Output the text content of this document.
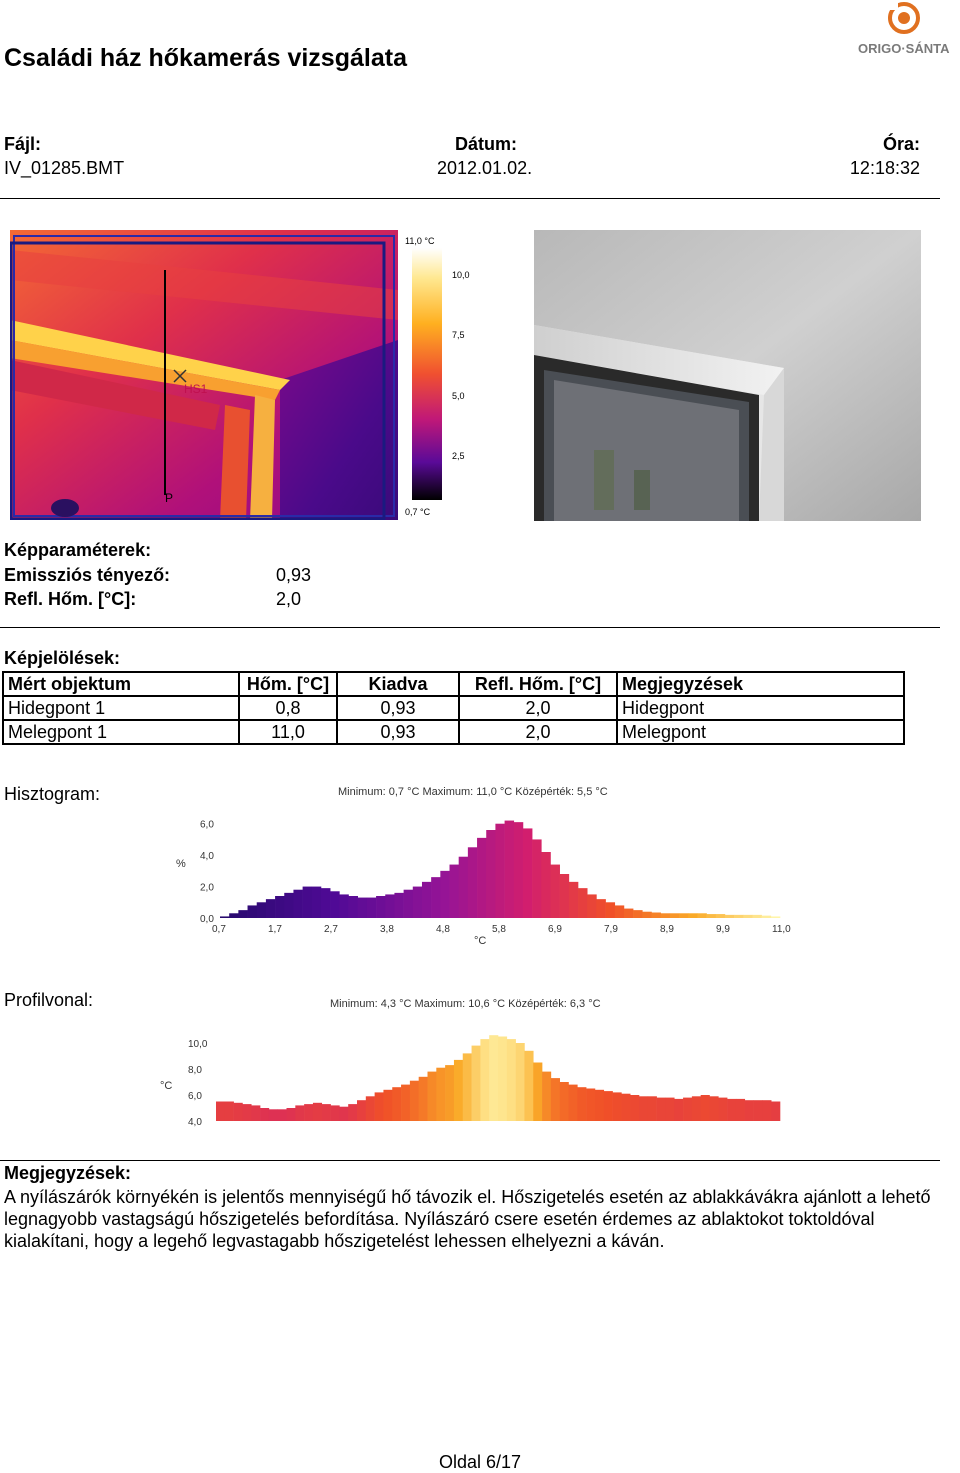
Családi ház hőkamerás vizsgálata	ORIGO·SÁNTA
Fájl:
IV_01285.BMT
Dátum:
2012.01.02.
Óra:
12:18:32
HS1
P
11,0 °C
10,0
7,5
5,0
2,5
0,7 °C
Képparaméterek:
Emissziós tényező:	0,93
Refl. Hőm. [°C]:	2,0
Képjelölések:
Mért objektum	Hőm. [°C]	Kiadva	Refl. Hőm. [°C]	Megjegyzések
Hidegpont 1	0,8	0,93	2,0	Hidegpont
Melegpont 1	11,0	0,93	2,0	Melegpont
Hisztogram:	Minimum: 0,7 °C Maximum: 11,0 °C Középérték: 5,5 °C
%
°C
6,0
4,0
2,0
0,0
0,7	1,7	2,7	3,8	4,8	5,8	6,9	7,9	8,9	9,9	11,0
Profilvonal:	Minimum: 4,3 °C Maximum: 10,6 °C Középérték: 6,3 °C
°C
10,0
8,0
6,0
4,0
Megjegyzések:
A nyílászárók környékén is jelentős mennyiségű hő távozik el. Hőszigetelés esetén az ablakkávákra ajánlott a lehető legnagyobb vastagságú hőszigetelés befordítása. Nyílászáró csere esetén érdemes az ablaktokot toktoldóval kialakítani, hogy a legehő legvastagabb hőszigetelést lehessen elhelyezni a káván.
Oldal 6/17
